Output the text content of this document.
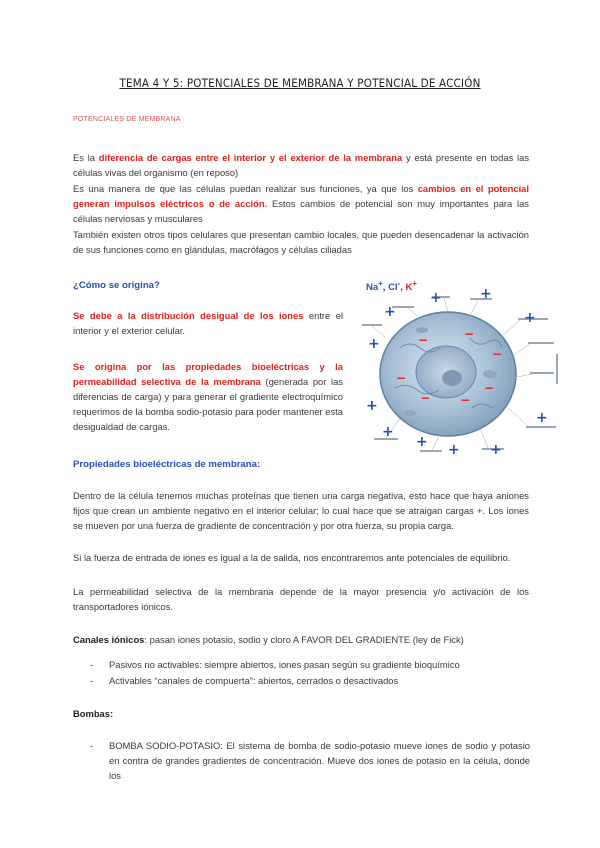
TEMA 4 Y 5: POTENCIALES DE MEMBRANA Y POTENCIAL DE ACCIÓN
POTENCIALES DE MEMBRANA
Es la diferencia de cargas entre el interior y el exterior de la membrana y está presente en todas las células vivas del organismo (en reposo)
Es una manera de que las células puedan realizar sus funciones, ya que los cambios en el potencial generan impulsos eléctricos o de acción. Estos cambios de potencial son muy importantes para las células nerviosas y musculares
También existen otros tipos celulares que presentan cambio locales, que pueden desencadenar la activación de sus funciones como en glándulas, macrófagos y células ciliadas
¿Cómo se origina?
Se debe a la distribución desigual de los iones entre el interior y el exterior celular.
Se origina por las propiedades bioeléctricas y la permeabilidad selectiva de la membrana (generada por las diferencias de carga) y para generar el gradiente electroquímico requerimos de la bomba sodio-potasio para poder mantener esta desigualdad de cargas.
Na+, Cl-, K+
+
+	+
+
+
+
+
+ + +
+
−	−
−
− −
−
−
Propiedades bioeléctricas de membrana:
Dentro de la célula tenemos muchas proteínas que tienen una carga negativa, esto hace que haya aniones fijos que crean un ambiente negativo en el interior celular; lo cual hace que se atraigan cargas +. Los iones se mueven por una fuerza de gradiente de concentración y por otra fuerza, su propia carga.
Si la fuerza de entrada de iones es igual a la de salida, nos encontraremos ante potenciales de equilibrio.
La permeabilidad selectiva de la membrana depende de la mayor presencia y/o activación de los transportadores iónicos.
Canales iónicos: pasan iones potasio, sodio y cloro A FAVOR DEL GRADIENTE (ley de Fick)
- Pasivos no activables: siempre abiertos, iones pasan según su gradiente bioquímico
- Activables “canales de compuerta”: abiertos, cerrados o desactivados
Bombas:
- BOMBA SODIO-POTASIO: El sistema de bomba de sodio-potasio mueve iones de sodio y potasio en contra de grandes gradientes de concentración. Mueve dos iones de potasio en la célula, donde los
